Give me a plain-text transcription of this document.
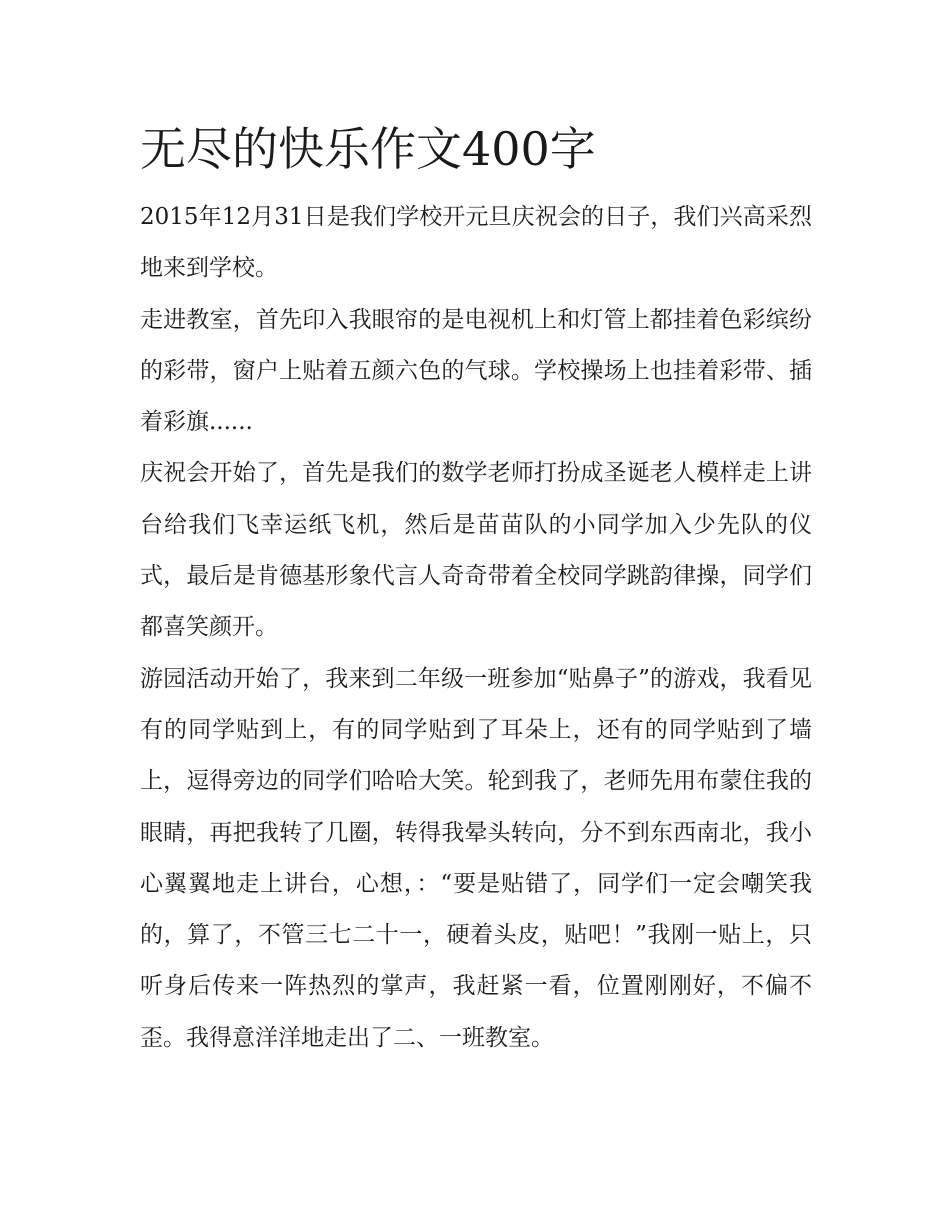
无尽的快乐作文400字

2015年12月31日是我们学校开元旦庆祝会的日子，我们兴高采烈地来到学校。

走进教室，首先印入我眼帘的是电视机上和灯管上都挂着色彩缤纷的彩带，窗户上贴着五颜六色的气球。学校操场上也挂着彩带、插着彩旗......

庆祝会开始了，首先是我们的数学老师打扮成圣诞老人模样走上讲台给我们飞幸运纸飞机，然后是苗苗队的小同学加入少先队的仪式，最后是肯德基形象代言人奇奇带着全校同学跳韵律操，同学们都喜笑颜开。

游园活动开始了，我来到二年级一班参加“贴鼻子”的游戏，我看见有的同学贴到上，有的同学贴到了耳朵上，还有的同学贴到了墙上，逗得旁边的同学们哈哈大笑。轮到我了，老师先用布蒙住我的眼睛，再把我转了几圈，转得我晕头转向，分不到东西南北，我小心翼翼地走上讲台，心想，：“要是贴错了，同学们一定会嘲笑我的，算了，不管三七二十一，硬着头皮，贴吧！”我刚一贴上，只听身后传来一阵热烈的掌声，我赶紧一看，位置刚刚好，不偏不歪。我得意洋洋地走出了二、一班教室。
